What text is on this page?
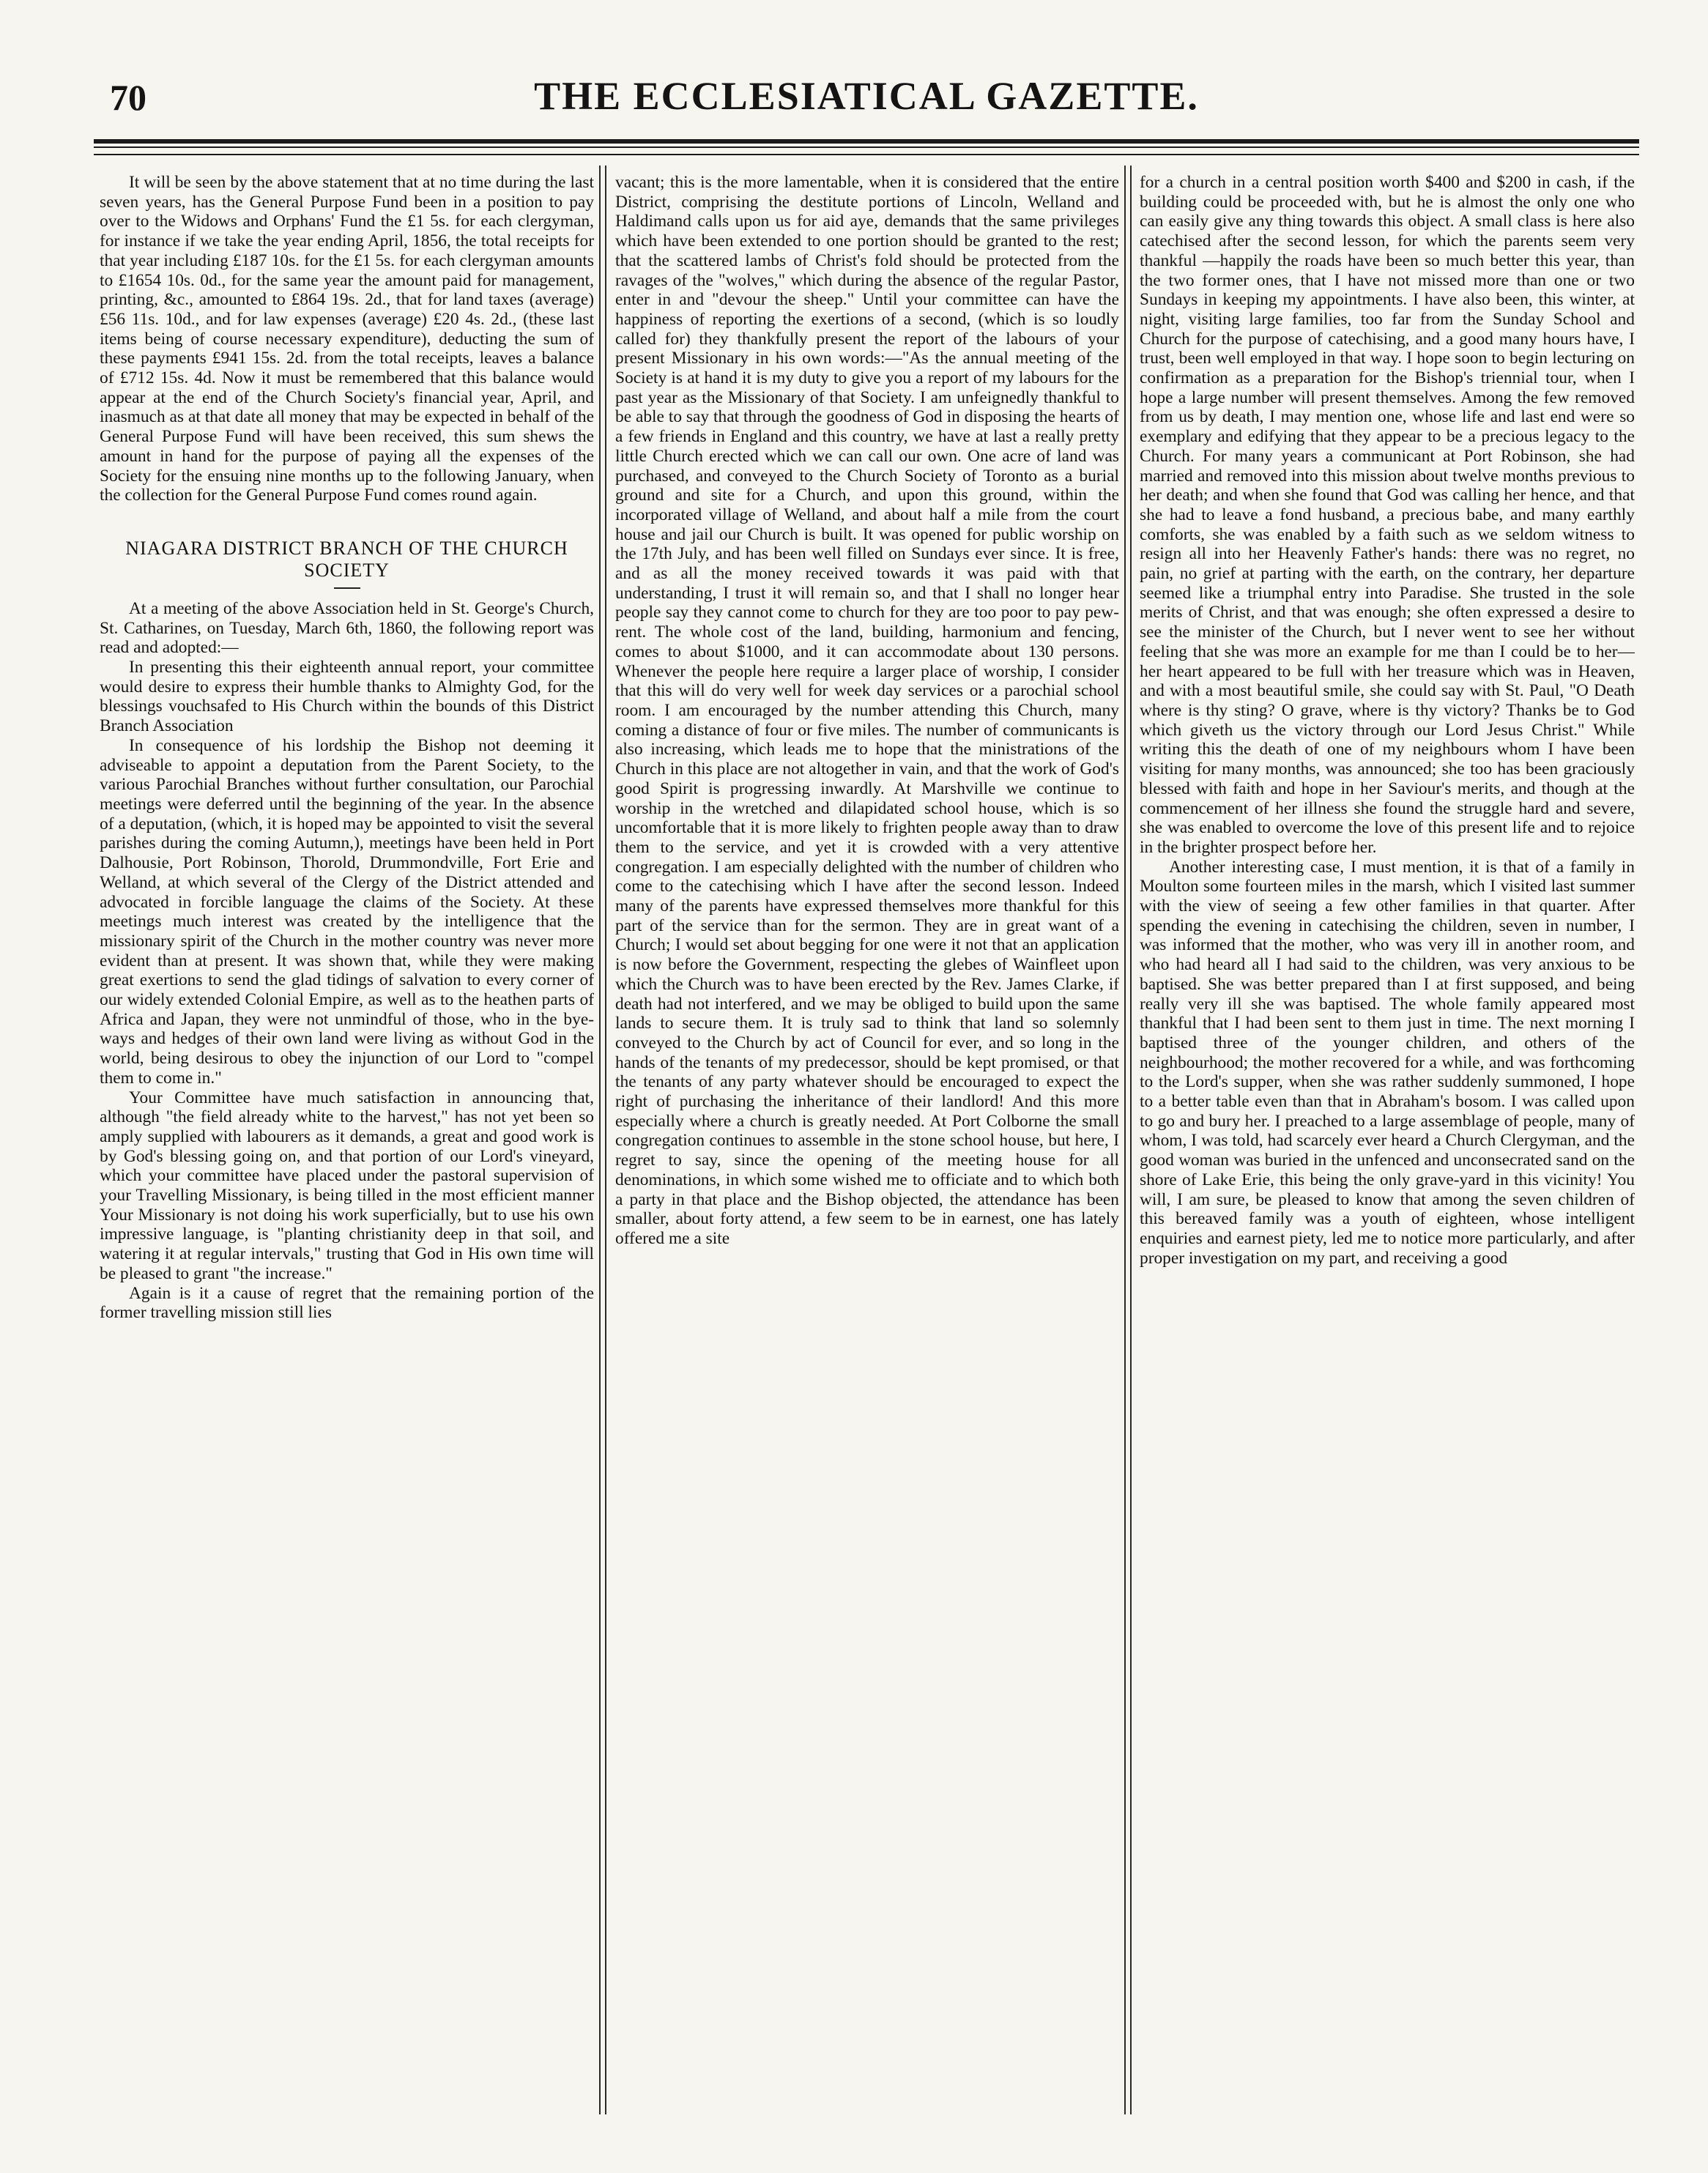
70	THE ECCLESIATICAL GAZETTE.

It will be seen by the above statement that at no time during the last seven years, has the General Purpose Fund been in a position to pay over to the Widows and Orphans' Fund the £1 5s. for each clergyman, for instance if we take the year ending April, 1856, the total receipts for that year including £187 10s. for the £1 5s. for each clergyman amounts to £1654 10s. 0d., for the same year the amount paid for management, printing, &c., amounted to £864 19s. 2d., that for land taxes (average) £56 11s. 10d., and for law expenses (average) £20 4s. 2d., (these last items being of course necessary expenditure), deducting the sum of these payments £941 15s. 2d. from the total receipts, leaves a balance of £712 15s. 4d. Now it must be remembered that this balance would appear at the end of the Church Society's financial year, April, and inasmuch as at that date all money that may be expected in behalf of the General Purpose Fund will have been received, this sum shews the amount in hand for the purpose of paying all the expenses of the Society for the ensuing nine months up to the following January, when the collection for the General Purpose Fund comes round again.

NIAGARA DISTRICT BRANCH OF THE CHURCH SOCIETY

At a meeting of the above Association held in St. George's Church, St. Catharines, on Tuesday, March 6th, 1860, the following report was read and adopted:—

In presenting this their eighteenth annual report, your committee would desire to express their humble thanks to Almighty God, for the blessings vouchsafed to His Church within the bounds of this District Branch Association

In consequence of his lordship the Bishop not deeming it adviseable to appoint a deputation from the Parent Society, to the various Parochial Branches without further consultation, our Parochial meetings were deferred until the beginning of the year. In the absence of a deputation, (which, it is hoped may be appointed to visit the several parishes during the coming Autumn,), meetings have been held in Port Dalhousie, Port Robinson, Thorold, Drummondville, Fort Erie and Welland, at which several of the Clergy of the District attended and advocated in forcible language the claims of the Society. At these meetings much interest was created by the intelligence that the missionary spirit of the Church in the mother country was never more evident than at present. It was shown that, while they were making great exertions to send the glad tidings of salvation to every corner of our widely extended Colonial Empire, as well as to the heathen parts of Africa and Japan, they were not unmindful of those, who in the bye-ways and hedges of their own land were living as without God in the world, being desirous to obey the injunction of our Lord to "compel them to come in."

Your Committee have much satisfaction in announcing that, although "the field already white to the harvest," has not yet been so amply supplied with labourers as it demands, a great and good work is by God's blessing going on, and that portion of our Lord's vineyard, which your committee have placed under the pastoral supervision of your Travelling Missionary, is being tilled in the most efficient manner Your Missionary is not doing his work superficially, but to use his own impressive language, is "planting christianity deep in that soil, and watering it at regular intervals," trusting that God in His own time will be pleased to grant "the increase."

Again is it a cause of regret that the remaining portion of the former travelling mission still lies

vacant; this is the more lamentable, when it is considered that the entire District, comprising the destitute portions of Lincoln, Welland and Haldimand calls upon us for aid aye, demands that the same privileges which have been extended to one portion should be granted to the rest; that the scattered lambs of Christ's fold should be protected from the ravages of the "wolves," which during the absence of the regular Pastor, enter in and "devour the sheep." Until your committee can have the happiness of reporting the exertions of a second, (which is so loudly called for) they thankfully present the report of the labours of your present Missionary in his own words:—"As the annual meeting of the Society is at hand it is my duty to give you a report of my labours for the past year as the Missionary of that Society. I am unfeignedly thankful to be able to say that through the goodness of God in disposing the hearts of a few friends in England and this country, we have at last a really pretty little Church erected which we can call our own. One acre of land was purchased, and conveyed to the Church Society of Toronto as a burial ground and site for a Church, and upon this ground, within the incorporated village of Welland, and about half a mile from the court house and jail our Church is built. It was opened for public worship on the 17th July, and has been well filled on Sundays ever since. It is free, and as all the money received towards it was paid with that understanding, I trust it will remain so, and that I shall no longer hear people say they cannot come to church for they are too poor to pay pew-rent. The whole cost of the land, building, harmonium and fencing, comes to about $1000, and it can accommodate about 130 persons. Whenever the people here require a larger place of worship, I consider that this will do very well for week day services or a parochial school room. I am encouraged by the number attending this Church, many coming a distance of four or five miles. The number of communicants is also increasing, which leads me to hope that the ministrations of the Church in this place are not altogether in vain, and that the work of God's good Spirit is progressing inwardly. At Marshville we continue to worship in the wretched and dilapidated school house, which is so uncomfortable that it is more likely to frighten people away than to draw them to the service, and yet it is crowded with a very attentive congregation. I am especially delighted with the number of children who come to the catechising which I have after the second lesson. Indeed many of the parents have expressed themselves more thankful for this part of the service than for the sermon. They are in great want of a Church; I would set about begging for one were it not that an application is now before the Government, respecting the glebes of Wainfleet upon which the Church was to have been erected by the Rev. James Clarke, if death had not interfered, and we may be obliged to build upon the same lands to secure them. It is truly sad to think that land so solemnly conveyed to the Church by act of Council for ever, and so long in the hands of the tenants of my predecessor, should be kept promised, or that the tenants of any party whatever should be encouraged to expect the right of purchasing the inheritance of their landlord! And this more especially where a church is greatly needed. At Port Colborne the small congregation continues to assemble in the stone school house, but here, I regret to say, since the opening of the meeting house for all denominations, in which some wished me to officiate and to which both a party in that place and the Bishop objected, the attendance has been smaller, about forty attend, a few seem to be in earnest, one has lately offered me a site

for a church in a central position worth $400 and $200 in cash, if the building could be proceeded with, but he is almost the only one who can easily give any thing towards this object. A small class is here also catechised after the second lesson, for which the parents seem very thankful —happily the roads have been so much better this year, than the two former ones, that I have not missed more than one or two Sundays in keeping my appointments. I have also been, this winter, at night, visiting large families, too far from the Sunday School and Church for the purpose of catechising, and a good many hours have, I trust, been well employed in that way. I hope soon to begin lecturing on confirmation as a preparation for the Bishop's triennial tour, when I hope a large number will present themselves. Among the few removed from us by death, I may mention one, whose life and last end were so exemplary and edifying that they appear to be a precious legacy to the Church. For many years a communicant at Port Robinson, she had married and removed into this mission about twelve months previous to her death; and when she found that God was calling her hence, and that she had to leave a fond husband, a precious babe, and many earthly comforts, she was enabled by a faith such as we seldom witness to resign all into her Heavenly Father's hands: there was no regret, no pain, no grief at parting with the earth, on the contrary, her departure seemed like a triumphal entry into Paradise. She trusted in the sole merits of Christ, and that was enough; she often expressed a desire to see the minister of the Church, but I never went to see her without feeling that she was more an example for me than I could be to her—her heart appeared to be full with her treasure which was in Heaven, and with a most beautiful smile, she could say with St. Paul, "O Death where is thy sting? O grave, where is thy victory? Thanks be to God which giveth us the victory through our Lord Jesus Christ." While writing this the death of one of my neighbours whom I have been visiting for many months, was announced; she too has been graciously blessed with faith and hope in her Saviour's merits, and though at the commencement of her illness she found the struggle hard and severe, she was enabled to overcome the love of this present life and to rejoice in the brighter prospect before her.

Another interesting case, I must mention, it is that of a family in Moulton some fourteen miles in the marsh, which I visited last summer with the view of seeing a few other families in that quarter. After spending the evening in catechising the children, seven in number, I was informed that the mother, who was very ill in another room, and who had heard all I had said to the children, was very anxious to be baptised. She was better prepared than I at first supposed, and being really very ill she was baptised. The whole family appeared most thankful that I had been sent to them just in time. The next morning I baptised three of the younger children, and others of the neighbourhood; the mother recovered for a while, and was forthcoming to the Lord's supper, when she was rather suddenly summoned, I hope to a better table even than that in Abraham's bosom. I was called upon to go and bury her. I preached to a large assemblage of people, many of whom, I was told, had scarcely ever heard a Church Clergyman, and the good woman was buried in the unfenced and unconsecrated sand on the shore of Lake Erie, this being the only grave-yard in this vicinity! You will, I am sure, be pleased to know that among the seven children of this bereaved family was a youth of eighteen, whose intelligent enquiries and earnest piety, led me to notice more particularly, and after proper investigation on my part, and receiving a good
